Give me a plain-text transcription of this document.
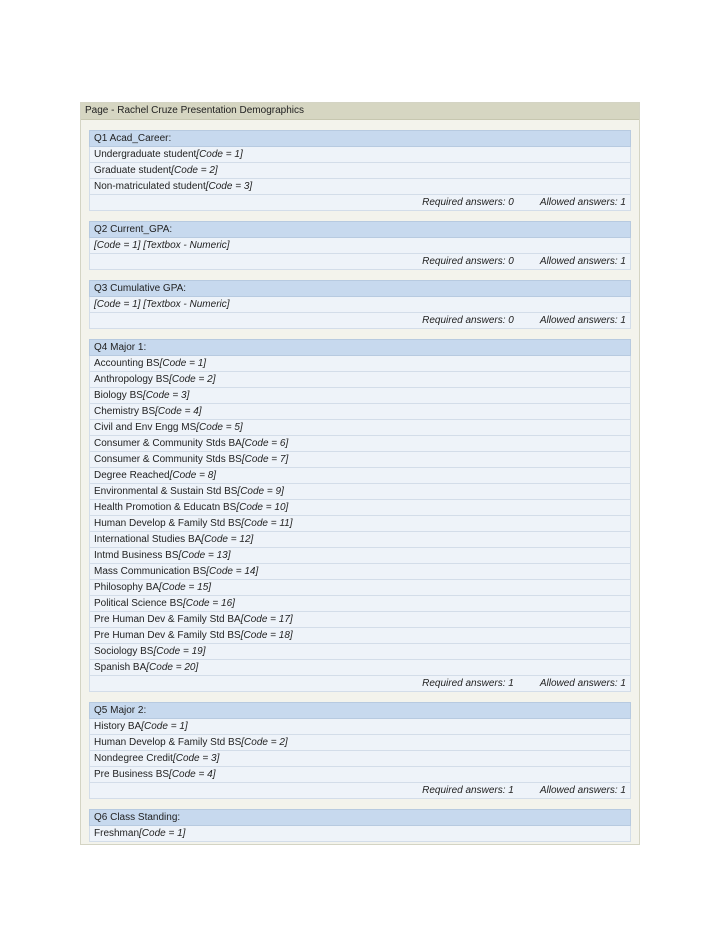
Page - Rachel Cruze Presentation Demographics
Q1 Acad_Career:
Undergraduate student[Code = 1]
Graduate student[Code = 2]
Non-matriculated student[Code = 3]
Required answers: 0	Allowed answers: 1
Q2 Current_GPA:
[Code = 1] [Textbox - Numeric]
Required answers: 0	Allowed answers: 1
Q3 Cumulative GPA:
[Code = 1] [Textbox - Numeric]
Required answers: 0	Allowed answers: 1
Q4 Major 1:
Accounting BS[Code = 1]
Anthropology BS[Code = 2]
Biology BS[Code = 3]
Chemistry BS[Code = 4]
Civil and Env Engg MS[Code = 5]
Consumer & Community Stds BA[Code = 6]
Consumer & Community Stds BS[Code = 7]
Degree Reached[Code = 8]
Environmental & Sustain Std BS[Code = 9]
Health Promotion & Educatn BS[Code = 10]
Human Develop & Family Std BS[Code = 11]
International Studies BA[Code = 12]
Intmd Business BS[Code = 13]
Mass Communication BS[Code = 14]
Philosophy BA[Code = 15]
Political Science BS[Code = 16]
Pre Human Dev & Family Std BA[Code = 17]
Pre Human Dev & Family Std BS[Code = 18]
Sociology BS[Code = 19]
Spanish BA[Code = 20]
Required answers: 1	Allowed answers: 1
Q5 Major 2:
History BA[Code = 1]
Human Develop & Family Std BS[Code = 2]
Nondegree Credit[Code = 3]
Pre Business BS[Code = 4]
Required answers: 1	Allowed answers: 1
Q6 Class Standing:
Freshman[Code = 1]
